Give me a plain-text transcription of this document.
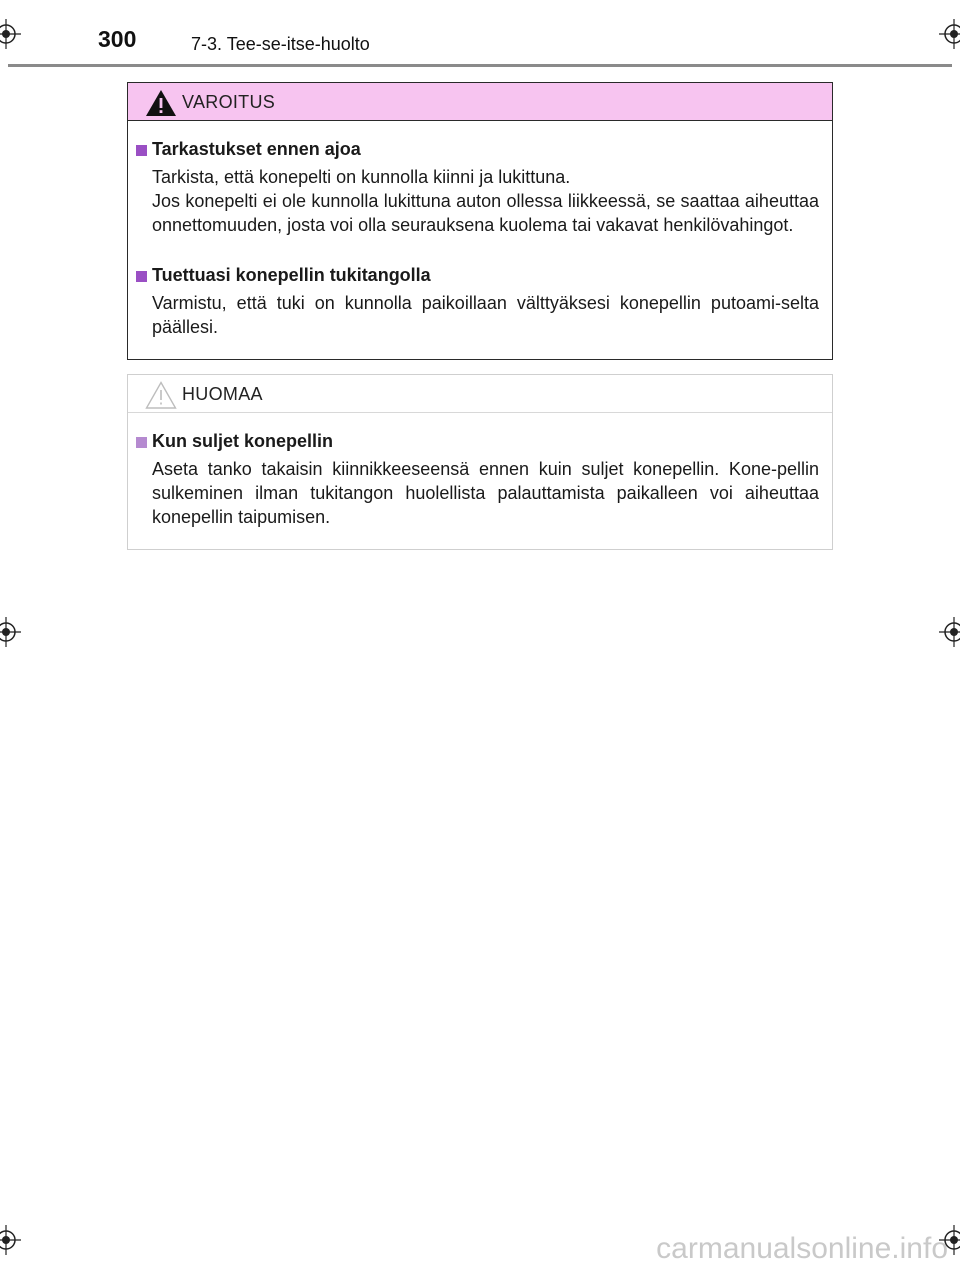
300	7-3. Tee-se-itse-huolto
VAROITUS
Tarkastukset ennen ajoa

Tarkista, että konepelti on kunnolla kiinni ja lukittuna.

Jos konepelti ei ole kunnolla lukittuna auton ollessa liikkeessä, se saattaa aiheuttaa onnettomuuden, josta voi olla seurauksena kuolema tai vakavat henkilövahingot.

Tuettuasi konepellin tukitangolla

Varmistu, että tuki on kunnolla paikoillaan välttyäksesi konepellin putoami-selta päällesi.

HUOMAA
Kun suljet konepellin

Aseta tanko takaisin kiinnikkeeseensä ennen kuin suljet konepellin. Kone-pellin sulkeminen ilman tukitangon huolellista palauttamista paikalleen voi aiheuttaa konepellin taipumisen.

carmanualsonline.info
